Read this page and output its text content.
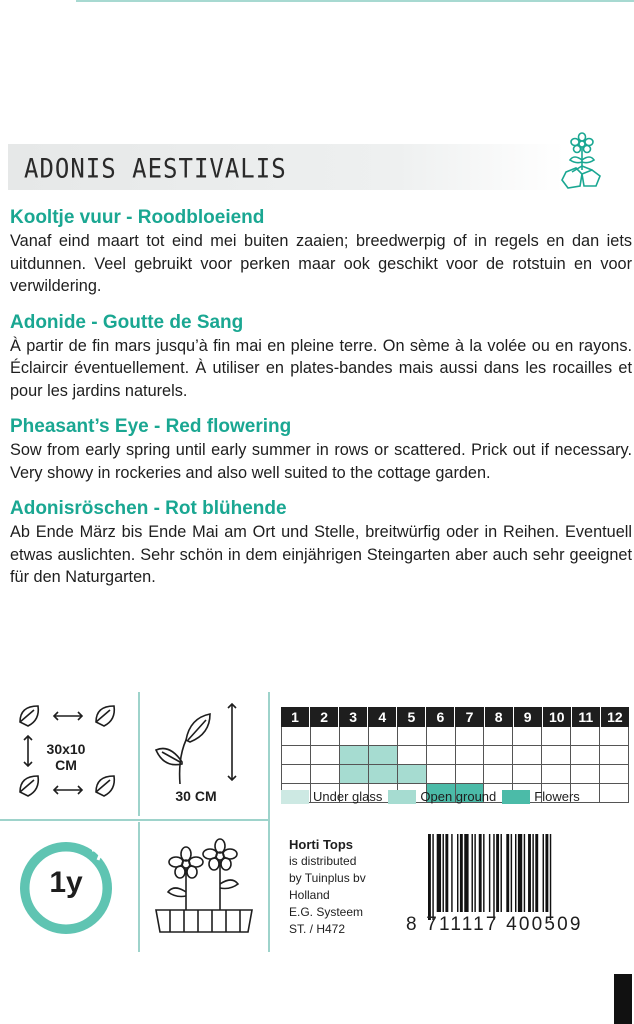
ADONIS AESTIVALIS
Kooltje vuur - Roodbloeiend

Vanaf eind maart tot eind mei buiten zaaien; breedwerpig of in regels en dan iets uitdunnen. Veel gebruikt voor perken maar ook geschikt voor de rotstuin en voor verwildering.

Adonide - Goutte de Sang

À partir de fin mars jusqu’à fin mai en pleine terre. On sème à la volée ou en rayons. Éclaircir éventuellement. À utiliser en plates-bandes mais aussi dans les rocailles et pour les jardins naturels.

Pheasant’s Eye - Red flowering

Sow from early spring until early summer in rows or scattered. Prick out if necessary. Very showy in rockeries and also well suited to the cottage garden.

Adonisröschen - Rot blühende

Ab Ende März bis Ende Mai am Ort und Stelle, breitwürfig oder in Reihen. Eventuell etwas auslichten. Sehr schön in dem einjährigen Steingarten aber auch sehr geeignet für den Naturgarten.

30x10
CM
30 CM
1y
1	2	3	4	5	6	7	8	9	10 11 12
Under glass	Open ground	Flowers
Horti Tops
is distributed
by Tuinplus bv
Holland
E.G. Systeem
ST. / H472	8 711117 400509
